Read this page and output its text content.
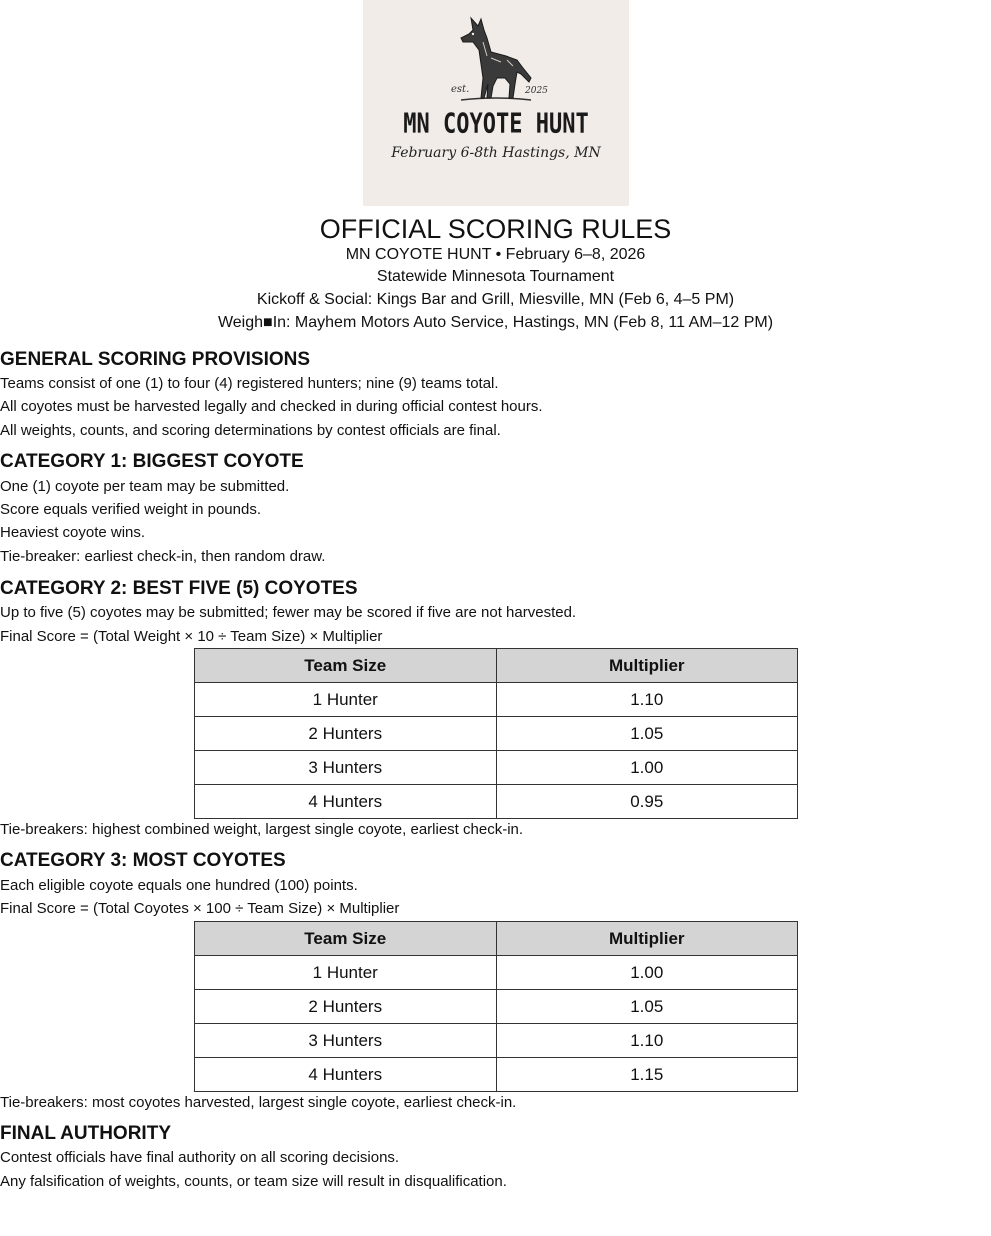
est.	2025
MN COYOTE HUNT
February 6-8th Hastings, MN
OFFICIAL SCORING RULES
MN COYOTE HUNT • February 6–8, 2026
Statewide Minnesota Tournament
Kickoff & Social: Kings Bar and Grill, Miesville, MN (Feb 6, 4–5 PM)
Weigh■In: Mayhem Motors Auto Service, Hastings, MN (Feb 8, 11 AM–12 PM)
GENERAL SCORING PROVISIONS
Teams consist of one (1) to four (4) registered hunters; nine (9) teams total.
All coyotes must be harvested legally and checked in during official contest hours.
All weights, counts, and scoring determinations by contest officials are final.
CATEGORY 1: BIGGEST COYOTE
One (1) coyote per team may be submitted.
Score equals verified weight in pounds.
Heaviest coyote wins.
Tie-breaker: earliest check-in, then random draw.
CATEGORY 2: BEST FIVE (5) COYOTES
Up to five (5) coyotes may be submitted; fewer may be scored if five are not harvested.
Final Score = (Total Weight × 10 ÷ Team Size) × Multiplier
Team Size	Multiplier
1 Hunter	1.10
2 Hunters	1.05
3 Hunters	1.00
4 Hunters	0.95
Tie-breakers: highest combined weight, largest single coyote, earliest check-in.
CATEGORY 3: MOST COYOTES
Each eligible coyote equals one hundred (100) points.
Final Score = (Total Coyotes × 100 ÷ Team Size) × Multiplier
Team Size	Multiplier
1 Hunter	1.00
2 Hunters	1.05
3 Hunters	1.10
4 Hunters	1.15
Tie-breakers: most coyotes harvested, largest single coyote, earliest check-in.
FINAL AUTHORITY
Contest officials have final authority on all scoring decisions.
Any falsification of weights, counts, or team size will result in disqualification.
